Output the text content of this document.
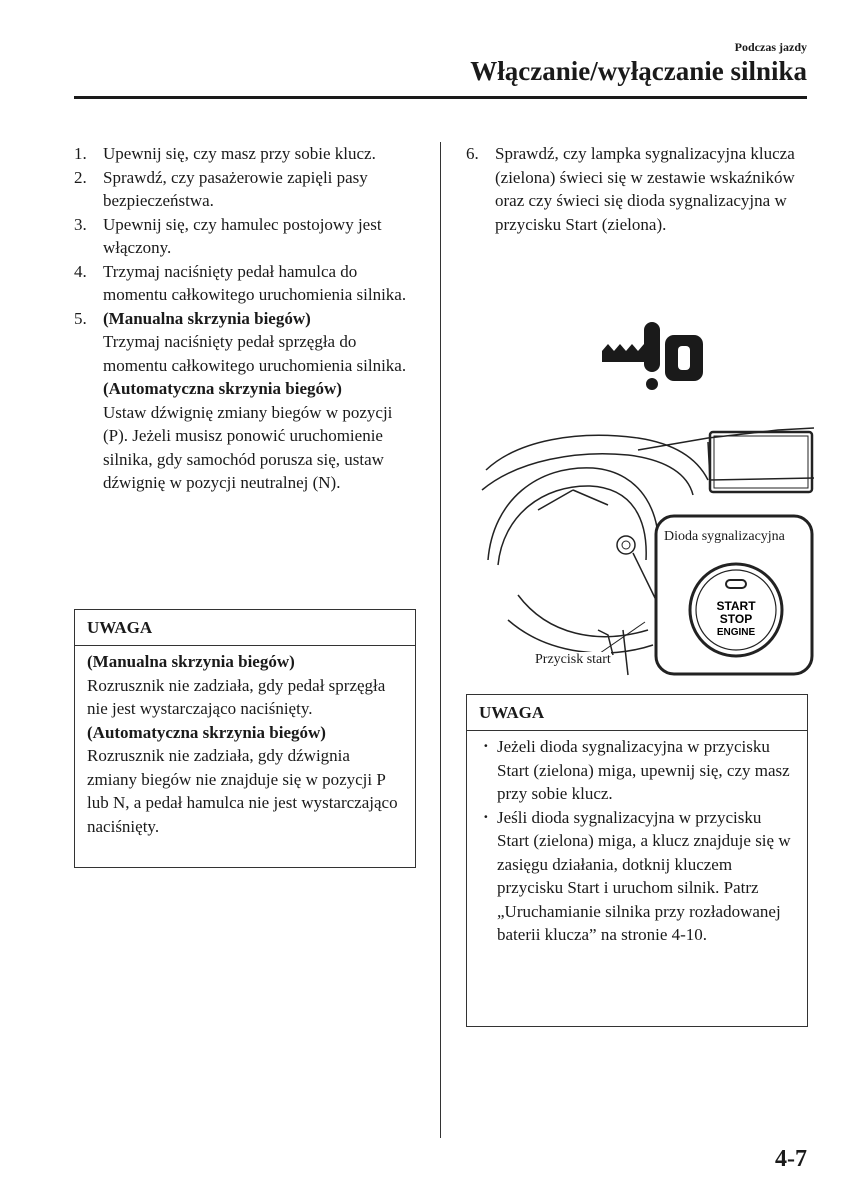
Podczas jazdy
Włączanie/wyłączanie silnika
1. Upewnij się, czy masz przy sobie klucz.
2. Sprawdź, czy pasażerowie zapięli pasy bezpieczeństwa.
3. Upewnij się, czy hamulec postojowy jest włączony.
4. Trzymaj naciśnięty pedał hamulca do momentu całkowitego uruchomienia silnika.
5. (Manualna skrzynia biegów)
Trzymaj naciśnięty pedał sprzęgła do momentu całkowitego uruchomienia silnika.
(Automatyczna skrzynia biegów)
Ustaw dźwignię zmiany biegów w pozycji (P). Jeżeli musisz ponowić uruchomienie silnika, gdy samochód porusza się, ustaw dźwignię w pozycji neutralnej (N).
UWAGA
(Manualna skrzynia biegów)
Rozrusznik nie zadziała, gdy pedał sprzęgła nie jest wystarczająco naciśnięty.
(Automatyczna skrzynia biegów)
Rozrusznik nie zadziała, gdy dźwignia zmiany biegów nie znajduje się w pozycji P lub N, a pedał hamulca nie jest wystarczająco naciśnięty.
6. Sprawdź, czy lampka sygnalizacyjna klucza (zielona) świeci się w zestawie wskaźników oraz czy świeci się dioda sygnalizacyjna w przycisku Start (zielona).
START
STOP
ENGINE
Dioda sygnalizacyjna
Przycisk start
UWAGA
· Jeżeli dioda sygnalizacyjna w przycisku Start (zielona) miga, upewnij się, czy masz przy sobie klucz.
· Jeśli dioda sygnalizacyjna w przycisku Start (zielona) miga, a klucz znajduje się w zasięgu działania, dotknij kluczem przycisku Start i uruchom silnik. Patrz „Uruchamianie silnika przy rozładowanej baterii klucza” na stronie 4-10.
4-7
